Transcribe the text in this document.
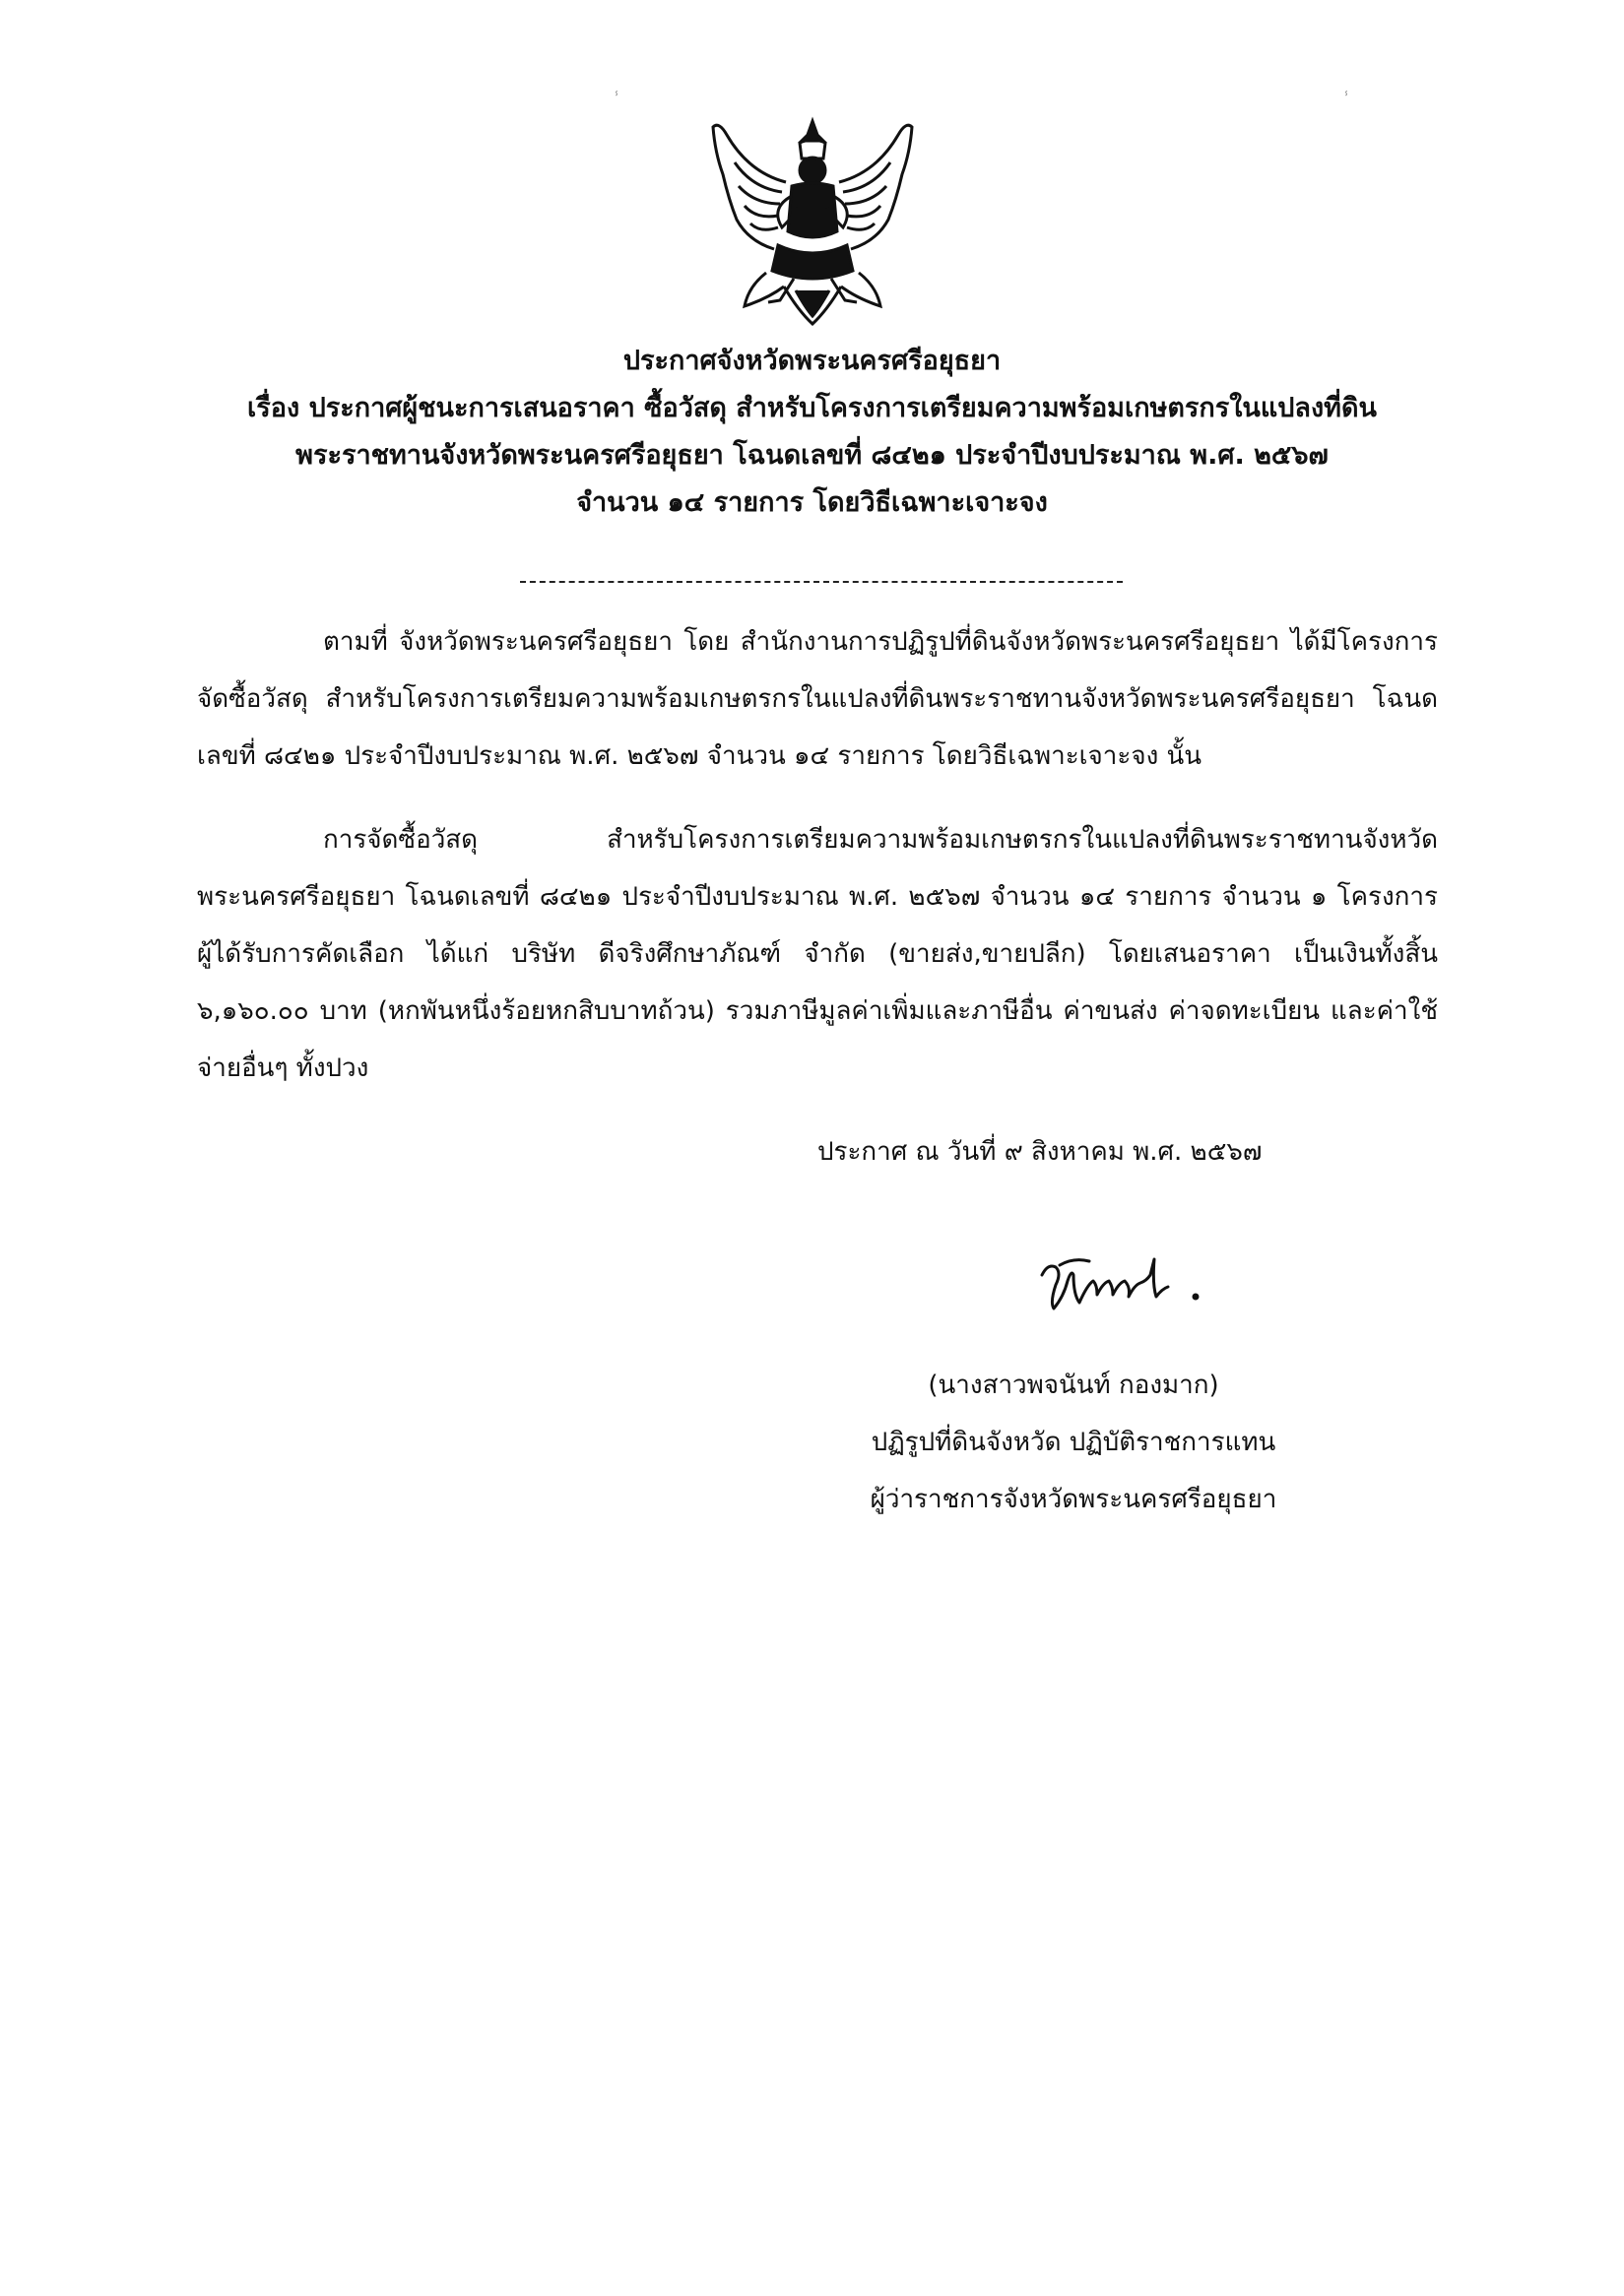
ⸯ	ⸯ
ประกาศจังหวัดพระนครศรีอยุธยา
เรื่อง ประกาศผู้ชนะการเสนอราคา ซื้อวัสดุ สำหรับโครงการเตรียมความพร้อมเกษตรกรในแปลงที่ดิน
พระราชทานจังหวัดพระนครศรีอยุธยา โฉนดเลขที่ ๘๔๒๑ ประจำปีงบประมาณ พ.ศ. ๒๕๖๗
จำนวน ๑๔ รายการ โดยวิธีเฉพาะเจาะจง
ตามที่ จังหวัดพระนครศรีอยุธยา โดย สำนักงานการปฏิรูปที่ดินจังหวัดพระนครศรีอยุธยา ได้มีโครงการจัดซื้อวัสดุ สำหรับโครงการเตรียมความพร้อมเกษตรกรในแปลงที่ดินพระราชทานจังหวัดพระนครศรีอยุธยา โฉนดเลขที่ ๘๔๒๑ ประจำปีงบประมาณ พ.ศ. ๒๕๖๗ จำนวน ๑๔ รายการ โดยวิธีเฉพาะเจาะจง นั้น
การจัดซื้อวัสดุ สำหรับโครงการเตรียมความพร้อมเกษตรกรในแปลงที่ดินพระราชทานจังหวัดพระนครศรีอยุธยา โฉนดเลขที่ ๘๔๒๑ ประจำปีงบประมาณ พ.ศ. ๒๕๖๗ จำนวน ๑๔ รายการ จำนวน ๑ โครงการ ผู้ได้รับการคัดเลือก ได้แก่ บริษัท ดีจริงศึกษาภัณฑ์ จำกัด (ขายส่ง,ขายปลีก) โดยเสนอราคา เป็นเงินทั้งสิ้น ๖,๑๖๐.๐๐ บาท (หกพันหนึ่งร้อยหกสิบบาทถ้วน) รวมภาษีมูลค่าเพิ่มและภาษีอื่น ค่าขนส่ง ค่าจดทะเบียน และค่าใช้จ่ายอื่นๆ ทั้งปวง
ประกาศ ณ วันที่ ๙ สิงหาคม พ.ศ. ๒๕๖๗
(นางสาวพจนันท์ กองมาก)
ปฏิรูปที่ดินจังหวัด ปฏิบัติราชการแทน
ผู้ว่าราชการจังหวัดพระนครศรีอยุธยา
